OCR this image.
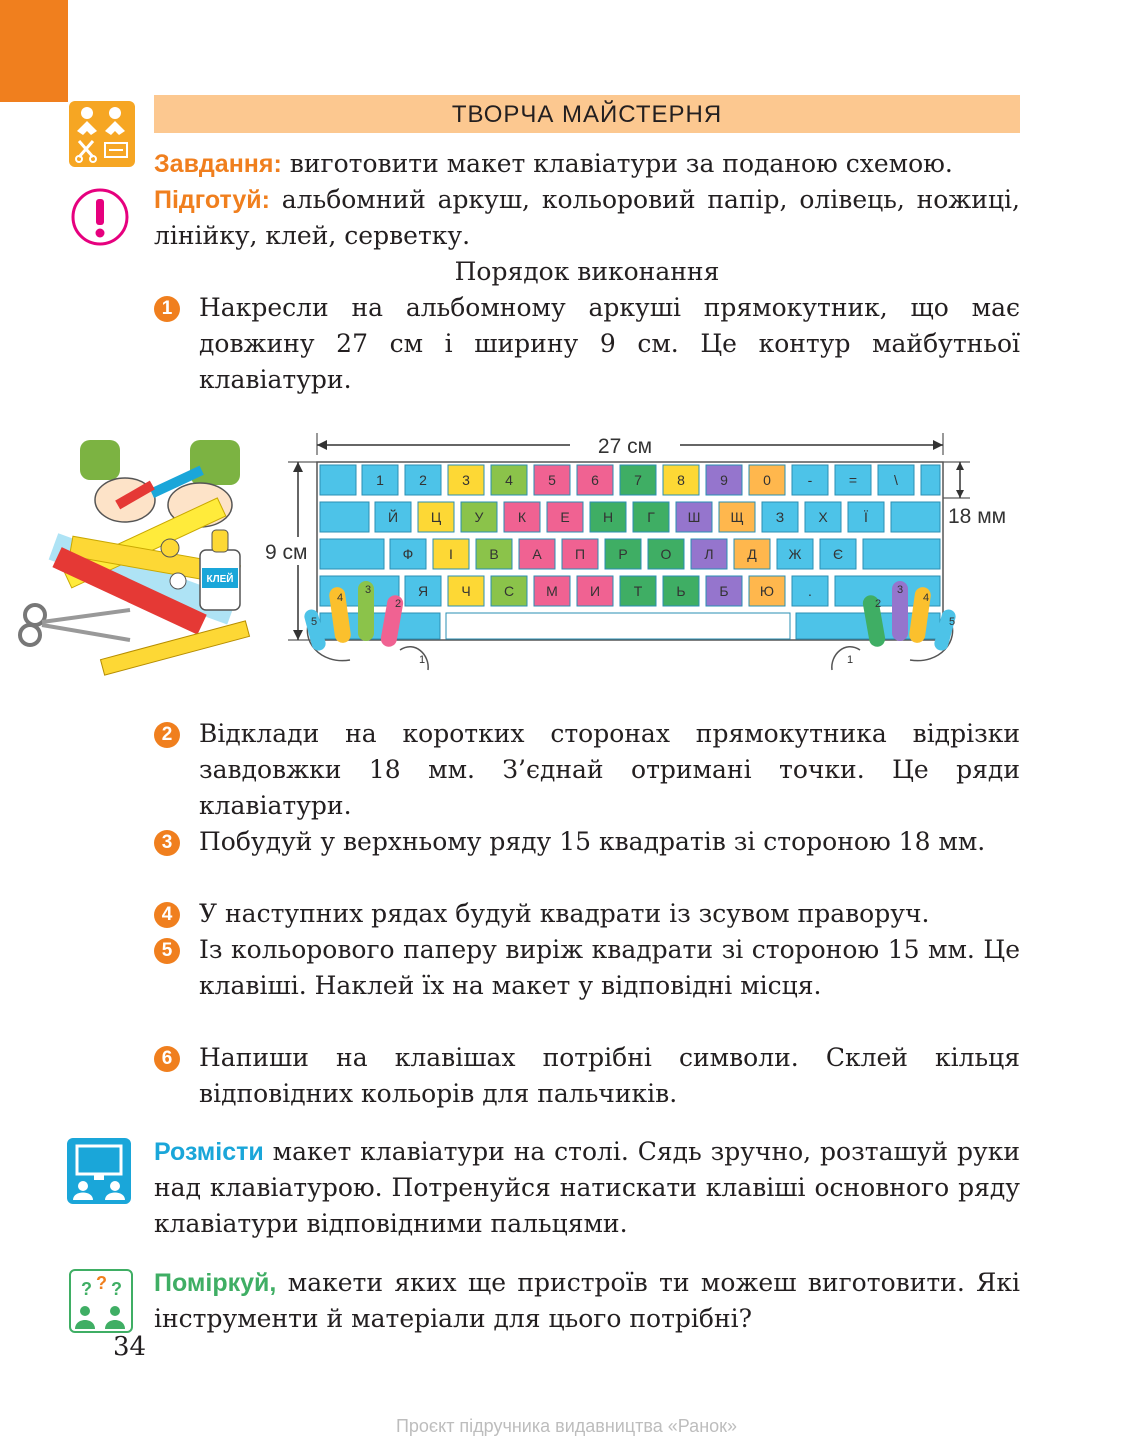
ТВОРЧА МАЙСТЕРНЯ
Завдання: виготовити макет клавіатури за поданою схемою.
Підготуй: альбомний аркуш, кольоровий папір, олівець, ножиці, лінійку, клей, серветку.
Порядок виконання
1	Накресли на альбомному аркуші прямокутник, що має довжину 27 см і ширину 9 см. Це контур майбутньої клавіатури.
КЛЕЙ
27 см
9 см
18 мм
1	2	3	4	5	6	7	8	9	0	-	=	\
Й Ц У К Е Н Г Ш Щ З Х	Ї
Ф	І	В А П Р О Л Д Ж Є
Я Ч С М И Т Ь Б Ю .
5
4
3
2
1	1
2
3
4
5
2	Відклади на коротких сторонах прямокутника відрізки завдовжки 18 мм. З’єднай отримані точки. Це ряди клавіатури.
3	Побудуй у верхньому ряду 15 квадратів зі стороною 18 мм.
4	У наступних рядах будуй квадрати із зсувом праворуч.
5	Із кольорового паперу виріж квадрати зі стороною 15 мм. Це клавіші. Наклей їх на макет у відповідні місця.
6	Напиши на клавішах потрібні символи. Склей кільця відповідних кольорів для пальчиків.
Розмісти макет клавіатури на столі. Сядь зручно, розташуй руки над клавіатурою. Потренуйся натискати клавіші основного ряду клавіатури відповідними пальцями.
? ? ? Поміркуй, макети яких ще пристроїв ти можеш виготовити. Які інструменти й матеріали для цього потрібні?
34
Проєкт підручника видавництва «Ранок»
